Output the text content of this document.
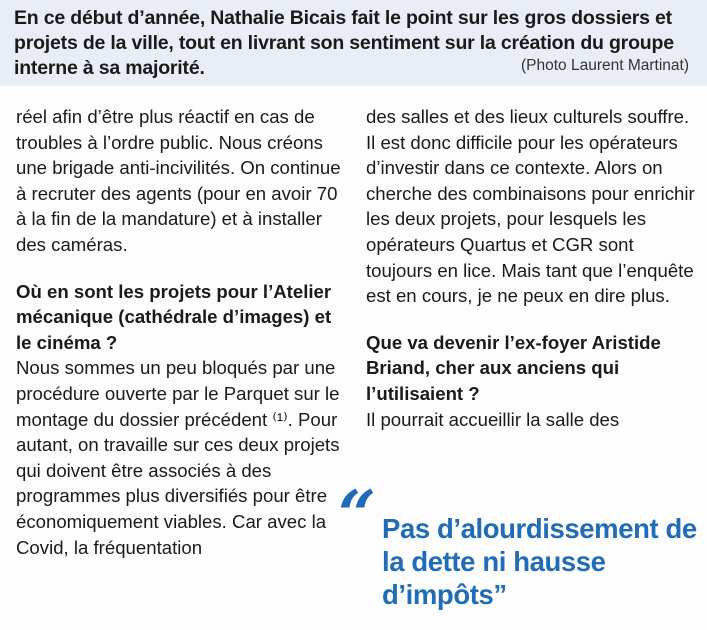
En ce début d’année, Nathalie Bicais fait le point sur les gros dossiers et projets de la ville, tout en livrant son sentiment sur la création du groupe interne à sa majorité.	(Photo Laurent Martinat)

réel afin d’être plus réactif en cas de troubles à l’ordre public. Nous créons une brigade anti-incivilités. On continue à recruter des agents (pour en avoir 70 à la fin de la mandature) et à installer des caméras.

Où en sont les projets pour l’Atelier mécanique (cathédrale d’images) et le cinéma ?

Nous sommes un peu bloqués par une procédure ouverte par le Parquet sur le montage du dossier précédent ⁽¹⁾. Pour autant, on travaille sur ces deux projets qui doivent être associés à des programmes plus diversifiés pour être économiquement viables. Car avec la Covid, la fréquentation

des salles et des lieux culturels souffre. Il est donc difficile pour les opérateurs d’investir dans ce contexte. Alors on cherche des combinaisons pour enrichir les deux projets, pour lesquels les opérateurs Quartus et CGR sont toujours en lice. Mais tant que l’enquête est en cours, je ne peux en dire plus.

Que va devenir l’ex-foyer Aristide Briand, cher aux anciens qui l’utilisaient ?

Il pourrait accueillir la salle des

“ Pas d’alourdissement de la dette ni hausse d’impôts”
